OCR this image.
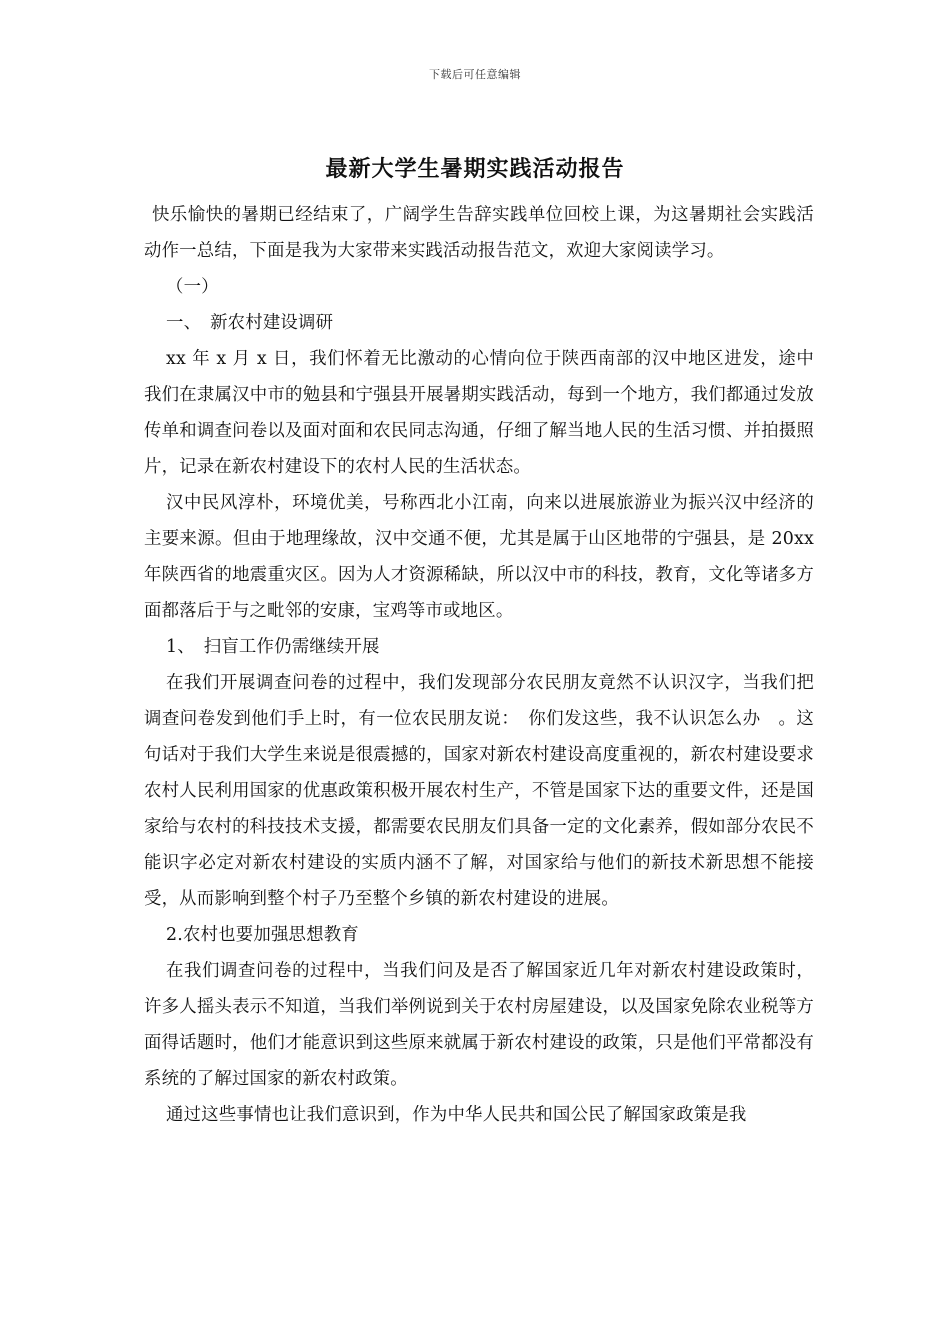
下载后可任意编辑
最新大学生暑期实践活动报告

快乐愉快的暑期已经结束了，广阔学生告辞实践单位回校上课，为这暑期社会实践活动作一总结，下面是我为大家带来实践活动报告范文，欢迎大家阅读学习。

（一）

一、　新农村建设调研

xx 年 x 月 x 日，我们怀着无比激动的心情向位于陕西南部的汉中地区进发，途中我们在隶属汉中市的勉县和宁强县开展暑期实践活动，每到一个地方，我们都通过发放传单和调查问卷以及面对面和农民同志沟通，仔细了解当地人民的生活习惯、并拍摄照片，记录在新农村建设下的农村人民的生活状态。

汉中民风淳朴，环境优美，号称西北小江南，向来以进展旅游业为振兴汉中经济的主要来源。但由于地理缘故，汉中交通不便，尤其是属于山区地带的宁强县，是 20xx 年陕西省的地震重灾区。因为人才资源稀缺，所以汉中市的科技，教育，文化等诸多方面都落后于与之毗邻的安康，宝鸡等市或地区。

1、　扫盲工作仍需继续开展

在我们开展调查问卷的过程中，我们发现部分农民朋友竟然不认识汉字，当我们把调查问卷发到他们手上时，有一位农民朋友说：　你们发这些，我不认识怎么办　。这句话对于我们大学生来说是很震撼的，国家对新农村建设高度重视的，新农村建设要求农村人民利用国家的优惠政策积极开展农村生产，不管是国家下达的重要文件，还是国家给与农村的科技技术支援，都需要农民朋友们具备一定的文化素养，假如部分农民不能识字必定对新农村建设的实质内涵不了解，对国家给与他们的新技术新思想不能接受，从而影响到整个村子乃至整个乡镇的新农村建设的进展。

2.农村也要加强思想教育

在我们调查问卷的过程中，当我们问及是否了解国家近几年对新农村建设政策时，许多人摇头表示不知道，当我们举例说到关于农村房屋建设，以及国家免除农业税等方面得话题时，他们才能意识到这些原来就属于新农村建设的政策，只是他们平常都没有系统的了解过国家的新农村政策。

通过这些事情也让我们意识到，作为中华人民共和国公民了解国家政策是我
